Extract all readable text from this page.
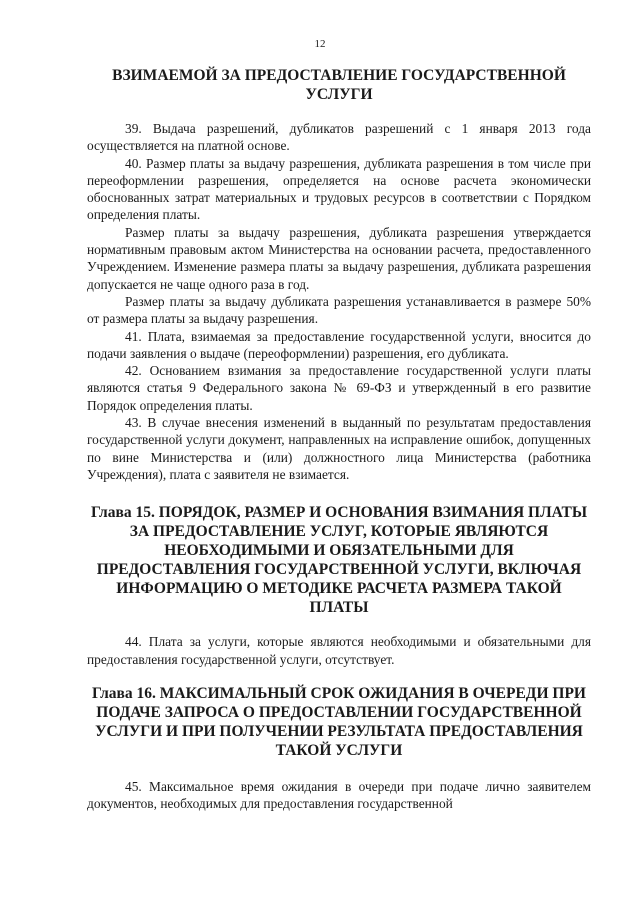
12
ВЗИМАЕМОЙ ЗА ПРЕДОСТАВЛЕНИЕ ГОСУДАРСТВЕННОЙ УСЛУГИ

39. Выдача разрешений, дубликатов разрешений с 1 января 2013 года осуществляется на платной основе.

40. Размер платы за выдачу разрешения, дубликата разрешения в том числе при переоформлении разрешения, определяется на основе расчета экономически обоснованных затрат материальных и трудовых ресурсов в соответствии с Порядком определения платы.

Размер платы за выдачу разрешения, дубликата разрешения утверждается нормативным правовым актом Министерства на основании расчета, предоставленного Учреждением. Изменение размера платы за выдачу разрешения, дубликата разрешения допускается не чаще одного раза в год.

Размер платы за выдачу дубликата разрешения устанавливается в размере 50% от размера платы за выдачу разрешения.

41. Плата, взимаемая за предоставление государственной услуги, вносится до подачи заявления о выдаче (переоформлении) разрешения, его дубликата.

42. Основанием взимания за предоставление государственной услуги платы являются статья 9 Федерального закона № 69-ФЗ и утвержденный в его развитие Порядок определения платы.

43. В случае внесения изменений в выданный по результатам предоставления государственной услуги документ, направленных на исправление ошибок, допущенных по вине Министерства и (или) должностного лица Министерства (работника Учреждения), плата с заявителя не взимается.

Глава 15. ПОРЯДОК, РАЗМЕР И ОСНОВАНИЯ ВЗИМАНИЯ ПЛАТЫ ЗА ПРЕДОСТАВЛЕНИЕ УСЛУГ, КОТОРЫЕ ЯВЛЯЮТСЯ НЕОБХОДИМЫМИ И ОБЯЗАТЕЛЬНЫМИ ДЛЯ ПРЕДОСТАВЛЕНИЯ ГОСУДАРСТВЕННОЙ УСЛУГИ, ВКЛЮЧАЯ ИНФОРМАЦИЮ О МЕТОДИКЕ РАСЧЕТА РАЗМЕРА ТАКОЙ ПЛАТЫ

44. Плата за услуги, которые являются необходимыми и обязательными для предоставления государственной услуги, отсутствует.

Глава 16. МАКСИМАЛЬНЫЙ СРОК ОЖИДАНИЯ В ОЧЕРЕДИ ПРИ ПОДАЧЕ ЗАПРОСА О ПРЕДОСТАВЛЕНИИ ГОСУДАРСТВЕННОЙ УСЛУГИ И ПРИ ПОЛУЧЕНИИ РЕЗУЛЬТАТА ПРЕДОСТАВЛЕНИЯ ТАКОЙ УСЛУГИ

45. Максимальное время ожидания в очереди при подаче лично заявителем документов, необходимых для предоставления государственной
